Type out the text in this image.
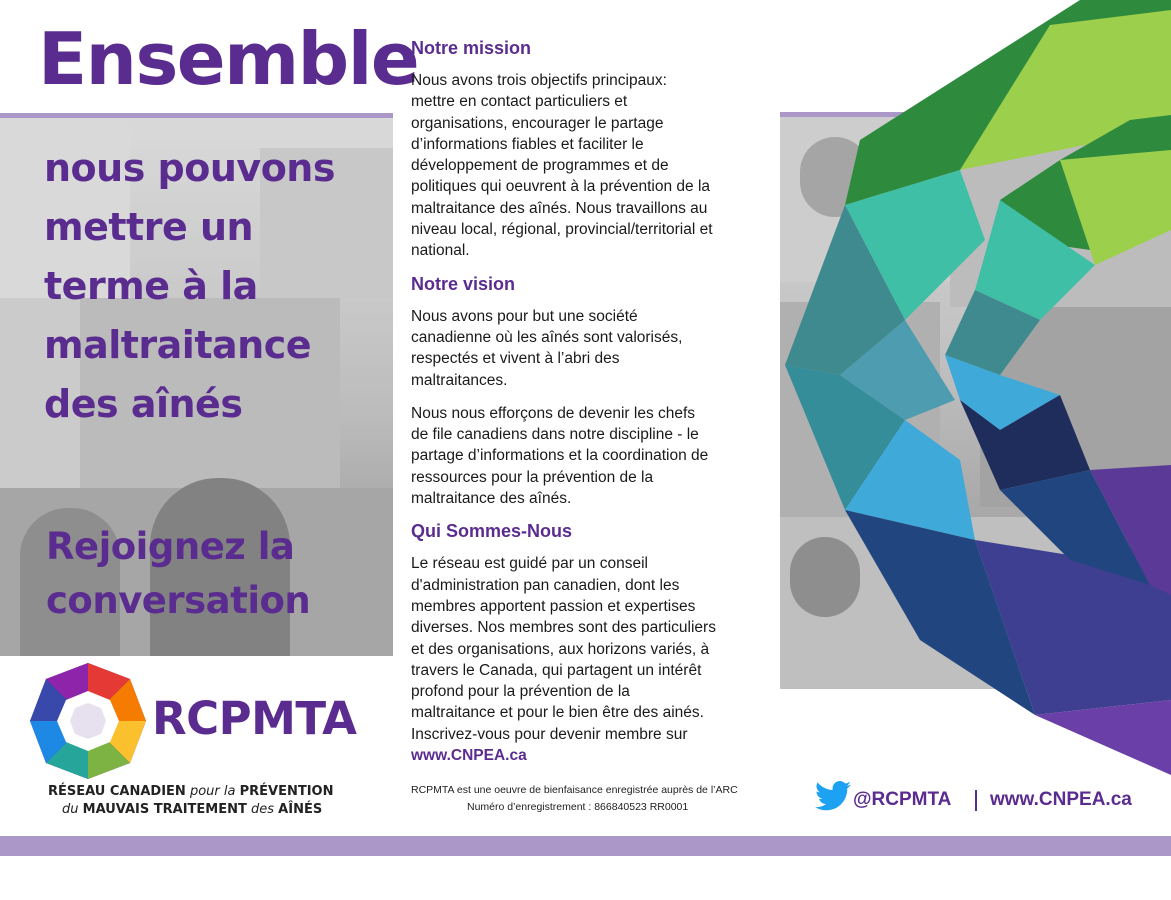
Ensemble
nous pouvons
mettre un
terme à la
maltraitance
des aînés
Rejoignez la
conversation
RCPMTA
RÉSEAU CANADIEN pour la PRÉVENTION
du MAUVAIS TRAITEMENT des AÎNÉS
Notre mission

Nous avons trois objectifs principaux:
mettre en contact particuliers et
organisations, encourager le partage
d’informations fiables et faciliter le
développement de programmes et de
politiques qui oeuvrent à la prévention de la
maltraitance des aînés. Nous travaillons au
niveau local, régional, provincial/territorial et
national.

Notre vision

Nous avons pour but une société
canadienne où les aînés sont valorisés,
respectés et vivent à l’abri des
maltraitances.

Nous nous efforçons de devenir les chefs
de file canadiens dans notre discipline - le
partage d’informations et la coordination de
ressources pour la prévention de la
maltraitance des aînés.

Qui Sommes-Nous

Le réseau est guidé par un conseil
d'administration pan canadien, dont les
membres apportent passion et expertises
diverses. Nos membres sont des particuliers
et des organisations, aux horizons variés, à
travers le Canada, qui partagent un intérêt
profond pour la prévention de la
maltraitance et pour le bien être des ainés.
Inscrivez-vous pour devenir membre sur

www.CNPEA.ca
RCPMTA est une oeuvre de bienfaisance enregistrée auprès de l’ARC
Numéro d’enregistrement : 866840523 RR0001	@RCPMTA www.CNPEA.ca
